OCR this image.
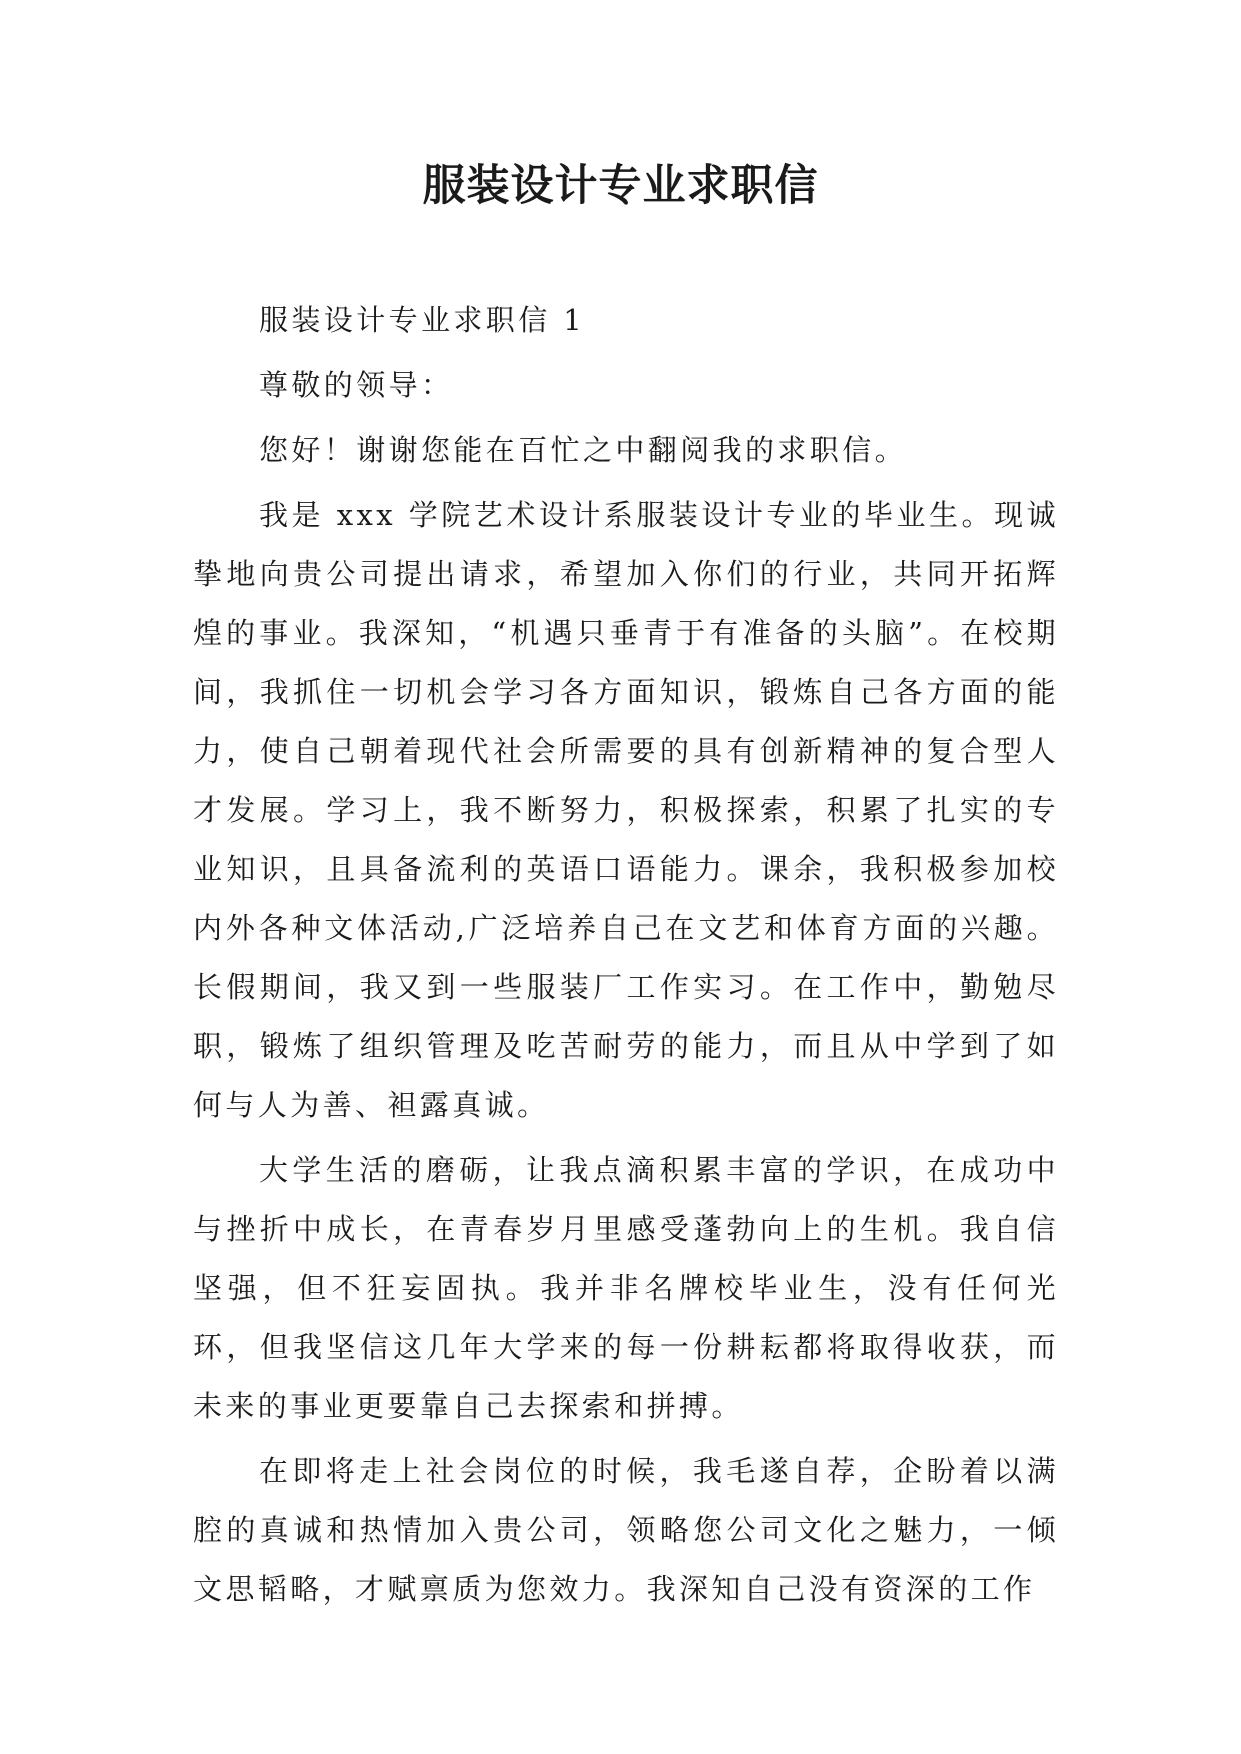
服装设计专业求职信

服装设计专业求职信 1

尊敬的领导：

您好！谢谢您能在百忙之中翻阅我的求职信。

我是 xxx 学院艺术设计系服装设计专业的毕业生。现诚挚地向贵公司提出请求，希望加入你们的行业，共同开拓辉煌的事业。我深知，“机遇只垂青于有准备的头脑”。在校期间，我抓住一切机会学习各方面知识，锻炼自己各方面的能力，使自己朝着现代社会所需要的具有创新精神的复合型人才发展。学习上，我不断努力，积极探索，积累了扎实的专业知识，且具备流利的英语口语能力。课余，我积极参加校内外各种文体活动,广泛培养自己在文艺和体育方面的兴趣。长假期间，我又到一些服装厂工作实习。在工作中，勤勉尽职，锻炼了组织管理及吃苦耐劳的能力，而且从中学到了如何与人为善、袒露真诚。

大学生活的磨砺，让我点滴积累丰富的学识，在成功中与挫折中成长，在青春岁月里感受蓬勃向上的生机。我自信坚强，但不狂妄固执。我并非名牌校毕业生，没有任何光环，但我坚信这几年大学来的每一份耕耘都将取得收获，而未来的事业更要靠自己去探索和拼搏。

在即将走上社会岗位的时候，我毛遂自荐，企盼着以满腔的真诚和热情加入贵公司，领略您公司文化之魅力，一倾文思韬略，才赋禀质为您效力。我深知自己没有资深的工作
